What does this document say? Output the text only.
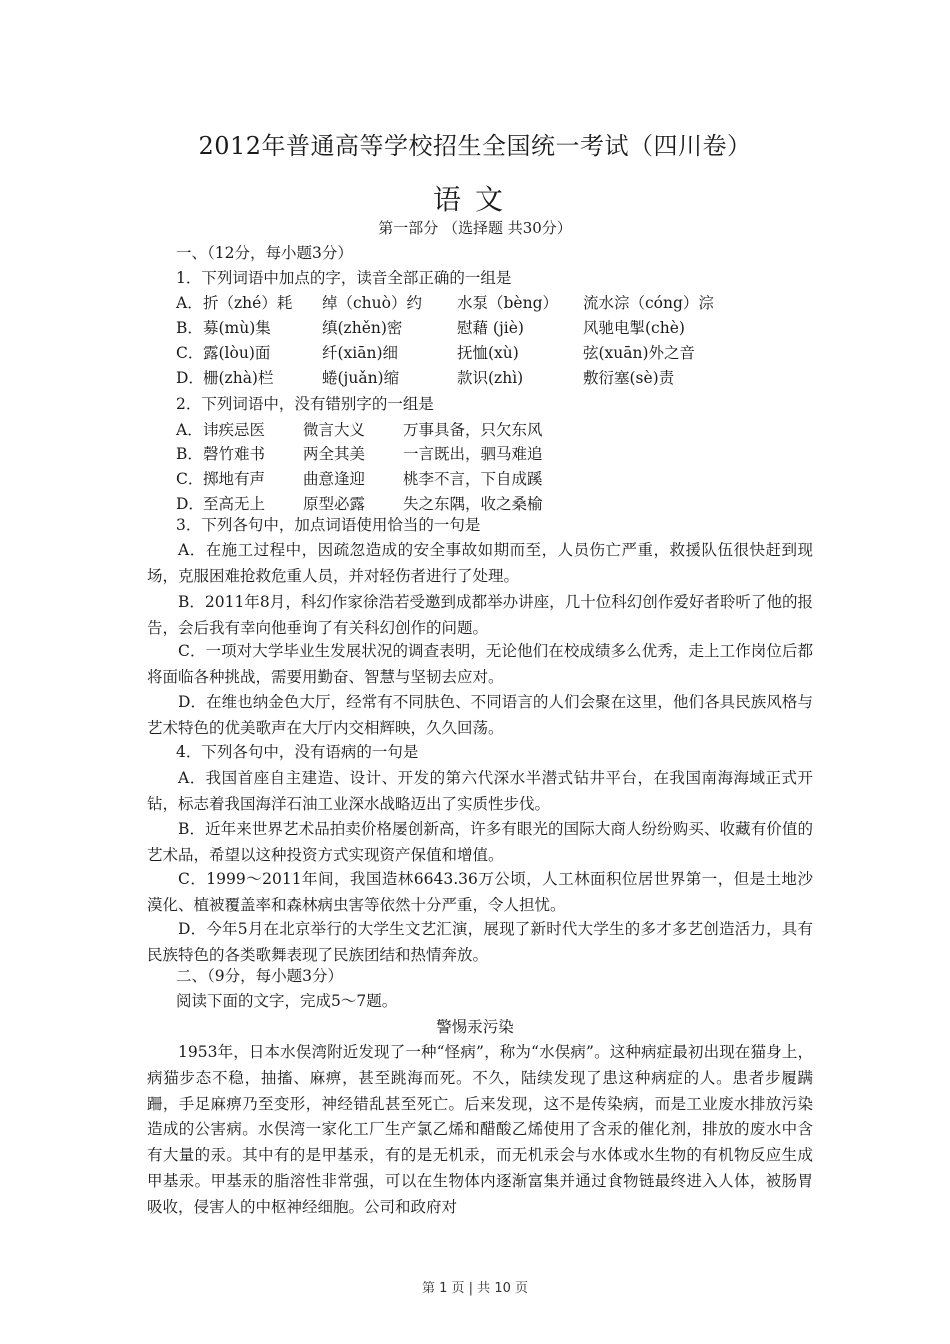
2012年普通高等学校招生全国统一考试（四川卷）
语文
第一部分 （选择题 共30分）
一、（12分，每小题3分）
1．下列词语中加点的字，读音全部正确的一组是
A． 折（zhé）耗 绰（chuò）约 水泵（bèng） 流水淙（cóng）淙
B． 募(mù)集	缜(zhěn)密	慰藉 (jiè)	风驰电掣(chè)
C． 露(lòu)面	纤(xiān)细	抚恤(xù)	弦(xuān)外之音
D． 栅(zhà)栏	蜷(juǎn)缩	款识(zhì)	敷衍塞(sè)责
2．下列词语中，没有错别字的一组是
A． 讳疾忌医 微言大义 万事具备，只欠东风
B． 磬竹难书 两全其美 一言既出，驷马难追
C． 掷地有声 曲意逢迎 桃李不言，下自成蹊
D． 至高无上 原型必露 失之东隅，收之桑榆
3．下列各句中，加点词语使用恰当的一句是
A．在施工过程中，因疏忽造成的安全事故如期而至，人员伤亡严重，救援队伍很快赶到现场，克服困难抢救危重人员，并对轻伤者进行了处理。
B．2011年8月，科幻作家徐浩若受邀到成都举办讲座，几十位科幻创作爱好者聆听了他的报告，会后我有幸向他垂询了有关科幻创作的问题。
C．一项对大学毕业生发展状况的调查表明，无论他们在校成绩多么优秀，走上工作岗位后都将面临各种挑战，需要用勤奋、智慧与坚韧去应对。
D．在维也纳金色大厅，经常有不同肤色、不同语言的人们会聚在这里，他们各具民族风格与艺术特色的优美歌声在大厅内交相辉映，久久回荡。
4．下列各句中，没有语病的一句是
A．我国首座自主建造、设计、开发的第六代深水半潜式钻井平台，在我国南海海域正式开钻，标志着我国海洋石油工业深水战略迈出了实质性步伐。
B．近年来世界艺术品拍卖价格屡创新高，许多有眼光的国际大商人纷纷购买、收藏有价值的艺术品，希望以这种投资方式实现资产保值和增值。
C．1999～2011年间，我国造林6643.36万公顷，人工林面积位居世界第一，但是土地沙漠化、植被覆盖率和森林病虫害等依然十分严重，令人担忧。
D．今年5月在北京举行的大学生文艺汇演，展现了新时代大学生的多才多艺创造活力，具有民族特色的各类歌舞表现了民族团结和热情奔放。
二、（9分，每小题3分）
阅读下面的文字，完成5～7题。
警惕汞污染
1953年，日本水俣湾附近发现了一种“怪病”，称为“水俣病”。这种病症最初出现在猫身上，病猫步态不稳，抽搐、麻痹，甚至跳海而死。不久，陆续发现了患这种病症的人。患者步履蹒跚，手足麻痹乃至变形，神经错乱甚至死亡。后来发现，这不是传染病，而是工业废水排放污染造成的公害病。水俣湾一家化工厂生产氯乙烯和醋酸乙烯使用了含汞的催化剂，排放的废水中含有大量的汞。其中有的是甲基汞，有的是无机汞，而无机汞会与水体或水生物的有机物反应生成甲基汞。甲基汞的脂溶性非常强，可以在生物体内逐渐富集并通过食物链最终进入人体，被肠胃吸收，侵害人的中枢神经细胞。公司和政府对
第 1 页 | 共 10 页
